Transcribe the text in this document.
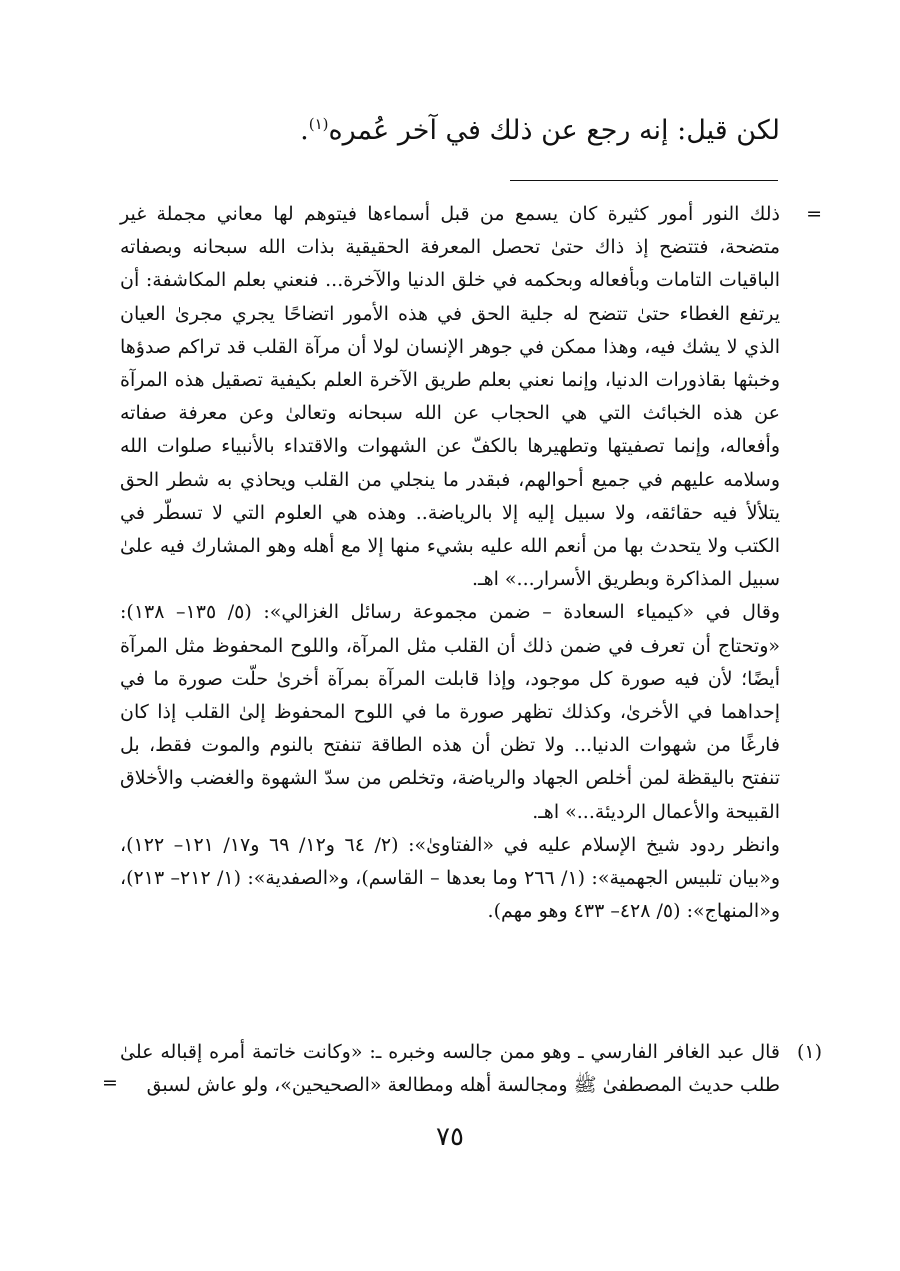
لكن قيل: إنه رجع عن ذلك في آخر عُمره$^{(١)}$.
=

ذلك النور أمور كثيرة كان يسمع من قبل أسماءها فيتوهم لها معاني مجملة غير متضحة، فتتضح إذ ذاك حتىٰ تحصل المعرفة الحقيقية بذات الله سبحانه وبصفاته الباقيات التامات وبأفعاله وبحكمه في خلق الدنيا والآخرة... فنعني بعلم المكاشفة: أن يرتفع الغطاء حتىٰ تتضح له جلية الحق في هذه الأمور اتضاحًا يجري مجرىٰ العيان الذي لا يشك فيه، وهذا ممكن في جوهر الإنسان لولا أن مرآة القلب قد تراكم صدؤها وخبثها بقاذورات الدنيا، وإنما نعني بعلم طريق الآخرة العلم بكيفية تصقيل هذه المرآة عن هذه الخبائث التي هي الحجاب عن الله سبحانه وتعالىٰ وعن معرفة صفاته وأفعاله، وإنما تصفيتها وتطهيرها بالكفّ عن الشهوات والاقتداء بالأنبياء صلوات الله وسلامه عليهم في جميع أحوالهم، فبقدر ما ينجلي من القلب ويحاذي به شطر الحق يتلألأ فيه حقائقه، ولا سبيل إليه إلا بالرياضة.. وهذه هي العلوم التي لا تسطّر في الكتب ولا يتحدث بها من أنعم الله عليه بشيء منها إلا مع أهله وهو المشارك فيه علىٰ سبيل المذاكرة وبطريق الأسرار...» اهـ.

وقال في «كيمياء السعادة – ضمن مجموعة رسائل الغزالي»: (٥/ ١٣٥– ١٣٨): «وتحتاج أن تعرف في ضمن ذلك أن القلب مثل المرآة، واللوح المحفوظ مثل المرآة أيضًا؛ لأن فيه صورة كل موجود، وإذا قابلت المرآة بمرآة أخرىٰ حلّت صورة ما في إحداهما في الأخرىٰ، وكذلك تظهر صورة ما في اللوح المحفوظ إلىٰ القلب إذا كان فارغًا من شهوات الدنيا... ولا تظن أن هذه الطاقة تنفتح بالنوم والموت فقط، بل تنفتح باليقظة لمن أخلص الجهاد والرياضة، وتخلص من سدّ الشهوة والغضب والأخلاق القبيحة والأعمال الرديئة...» اهـ.

وانظر ردود شيخ الإسلام عليه في «الفتاوىٰ»: (٢/ ٦٤ و١٢/ ٦٩ و١٧/ ١٢١– ١٢٢)، و«بيان تلبيس الجهمية»: (١/ ٢٦٦ وما بعدها – القاسم)، و«الصفدية»: (١/ ٢١٢– ٢١٣)، و«المنهاج»: (٥/ ٤٢٨– ٤٣٣ وهو مهم).

(١)

قال عبد الغافر الفارسي ـ وهو ممن جالسه وخبره ـ: «وكانت خاتمة أمره إقباله علىٰ طلب حديث المصطفىٰ ﷺ ومجالسة أهله ومطالعة «الصحيحين»، ولو عاش لسبق

=
٧٥
